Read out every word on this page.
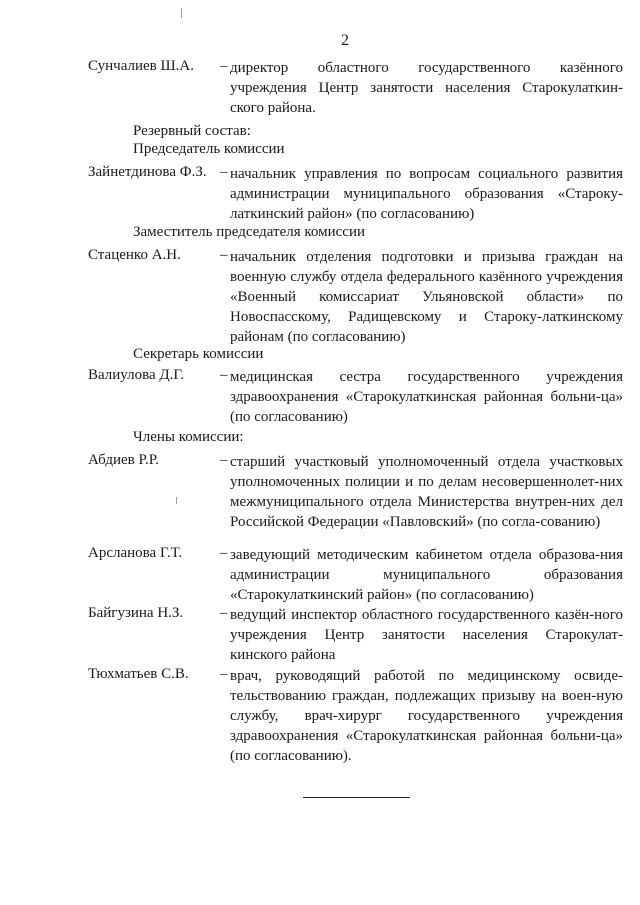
2
Сунчалиев Ш.А. – директор областного государственного казённого учреждения Центр занятости населения Старокулаткин-ского района.
Резервный состав:
Председатель комиссии
Зайнетдинова Ф.З. – начальник управления по вопросам социального развития администрации муниципального образования «Староку-латкинский район» (по согласованию)
Заместитель председателя комиссии
Стаценко А.Н.	– начальник отделения подготовки и призыва граждан на военную службу отдела федерального казённого учреждения «Военный комиссариат Ульяновской области» по Новоспасскому, Радищевскому и Староку-латкинскому районам (по согласованию)
Секретарь комиссии
Валиулова Д.Г. – медицинская сестра государственного учреждения здравоохранения «Старокулаткинская районная больни-ца» (по согласованию)
Члены комиссии:
Абдиев Р.Р.	– старший участковый уполномоченный отдела участковых уполномоченных полиции и по делам несовершеннолет-них межмуниципального отдела Министерства внутрен-них дел Российской Федерации «Павловский» (по согла-сованию)
Арсланова Г.Т.	– заведующий методическим кабинетом отдела образова-ния администрации муниципального образования «Старокулаткинский район» (по согласованию)
Байгузина Н.З. – ведущий инспектор областного государственного казён-ного учреждения Центр занятости населения Старокулат-кинского района
Тюхматьев С.В. – врач, руководящий работой по медицинскому освиде-тельствованию граждан, подлежащих призыву на воен-ную службу, врач-хирург государственного учреждения здравоохранения «Старокулаткинская районная больни-ца» (по согласованию).
